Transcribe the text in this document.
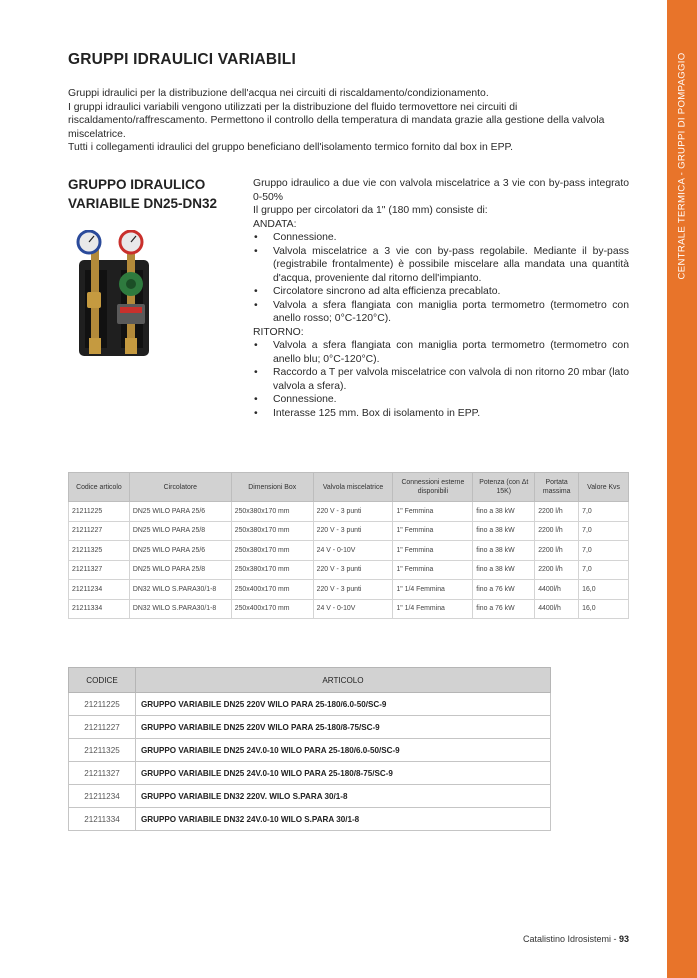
CENTRALE TERMICA - GRUPPI DI POMPAGGIO
GRUPPI IDRAULICI VARIABILI

Gruppi idraulici per la distribuzione dell'acqua nei circuiti di riscaldamento/condizionamento.

I gruppi idraulici variabili vengono utilizzati per la distribuzione del fluido termovettore nei circuiti di riscaldamento/raffrescamento. Permettono il controllo della temperatura di mandata grazie alla gestione della valvola miscelatrice.

Tutti i collegamenti idraulici del gruppo beneficiano dell'isolamento termico fornito dal box in EPP.

GRUPPO IDRAULICO VARIABILE DN25-DN32

Gruppo idraulico a due vie con valvola miscelatrice a 3 vie con by-pass integrato 0-50%

Il gruppo per circolatori da 1" (180 mm) consiste di:

ANDATA:

• Connessione.
• Valvola miscelatrice a 3 vie con by-pass regolabile. Mediante il by-pass (registrabile frontalmente) è possibile miscelare alla mandata una quantità d'acqua, proveniente dal ritorno dell'impianto.
• Circolatore sincrono ad alta efficienza precablato.
• Valvola a sfera flangiata con maniglia porta termometro (termometro con anello rosso; 0°C-120°C).

RITORNO:

• Valvola a sfera flangiata con maniglia porta termometro (termometro con anello blu; 0°C-120°C).
• Raccordo a T per valvola miscelatrice con valvola di non ritorno 20 mbar (lato valvola a sfera).
• Connessione.
• Interasse 125 mm. Box di isolamento in EPP.
Codice articolo	Circolatore	Dimensioni Box	Valvola miscelatrice	Connessioni esterne disponibili	Potenza (con Δt 15K)	Portata massima	Valore Kvs
21211225	DN25 WILO PARA 25/6	250x380x170 mm	220 V - 3 punti	1" Femmina	fino a 38 kW	2200 l/h	7,0
21211227	DN25 WILO PARA 25/8	250x380x170 mm	220 V - 3 punti	1" Femmina	fino a 38 kW	2200 l/h	7,0
21211325	DN25 WILO PARA 25/6	250x380x170 mm	24 V - 0-10V	1" Femmina	fino a 38 kW	2200 l/h	7,0
21211327	DN25 WILO PARA 25/8	250x380x170 mm	220 V - 3 punti	1" Femmina	fino a 38 kW	2200 l/h	7,0
21211234	DN32 WILO S.PARA30/1-8	250x400x170 mm	220 V - 3 punti	1" 1/4 Femmina	fino a 76 kW	4400l/h	16,0
21211334	DN32 WILO S.PARA30/1-8	250x400x170 mm	24 V - 0-10V	1" 1/4 Femmina	fino a 76 kW	4400l/h	16,0
CODICE	ARTICOLO
21211225	GRUPPO VARIABILE DN25 220V WILO PARA 25-180/6.0-50/SC-9
21211227	GRUPPO VARIABILE DN25 220V WILO PARA 25-180/8-75/SC-9
21211325	GRUPPO VARIABILE DN25 24V.0-10 WILO PARA 25-180/6.0-50/SC-9
21211327	GRUPPO VARIABILE DN25 24V.0-10 WILO PARA 25-180/8-75/SC-9
21211234	GRUPPO VARIABILE DN32 220V. WILO S.PARA 30/1-8
21211334	GRUPPO VARIABILE DN32 24V.0-10 WILO S.PARA 30/1-8
Catalistino Idrosistemi - 93
